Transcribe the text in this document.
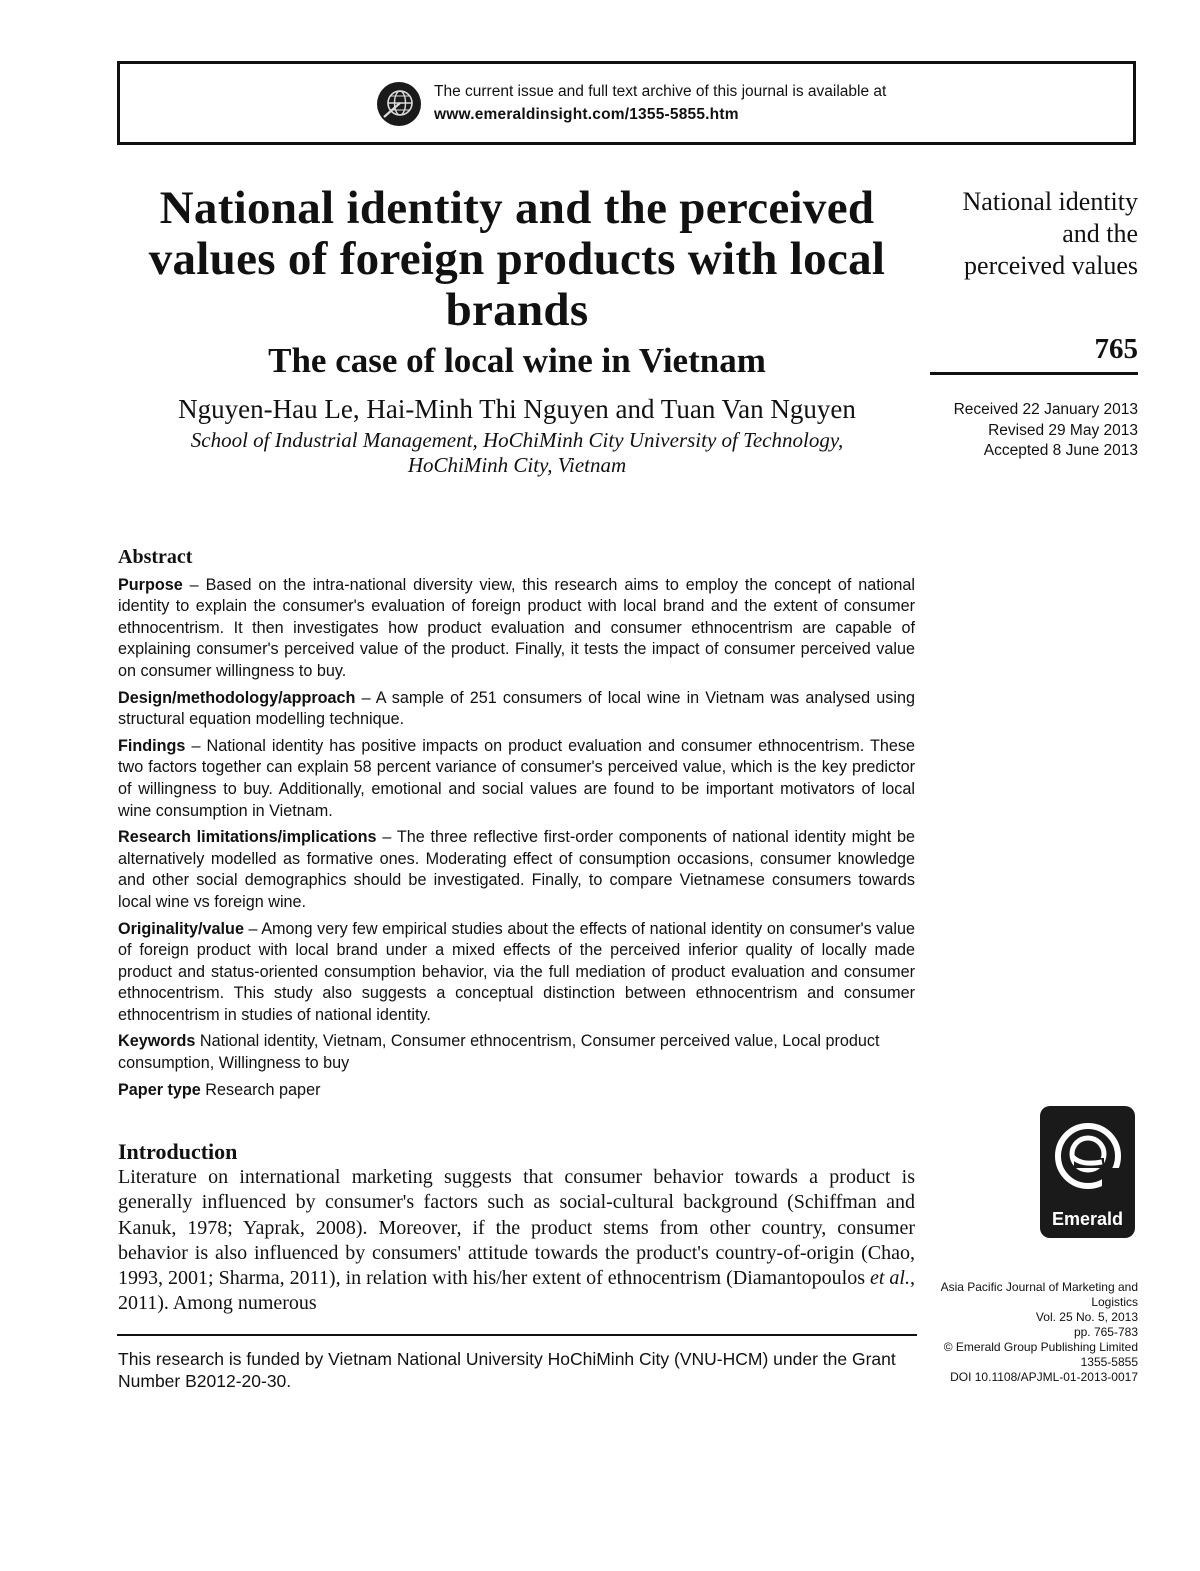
The current issue and full text archive of this journal is available at
www.emeraldinsight.com/1355-5855.htm
National identity and the perceived values of foreign products with local brands
The case of local wine in Vietnam
Nguyen-Hau Le, Hai-Minh Thi Nguyen and Tuan Van Nguyen
School of Industrial Management, HoChiMinh City University of Technology,
HoChiMinh City, Vietnam
National identity
and the
perceived values
765
Received 22 January 2013
Revised 29 May 2013
Accepted 8 June 2013
Abstract

Purpose – Based on the intra-national diversity view, this research aims to employ the concept of national identity to explain the consumer's evaluation of foreign product with local brand and the extent of consumer ethnocentrism. It then investigates how product evaluation and consumer ethnocentrism are capable of explaining consumer's perceived value of the product. Finally, it tests the impact of consumer perceived value on consumer willingness to buy.

Design/methodology/approach – A sample of 251 consumers of local wine in Vietnam was analysed using structural equation modelling technique.

Findings – National identity has positive impacts on product evaluation and consumer ethnocentrism. These two factors together can explain 58 percent variance of consumer's perceived value, which is the key predictor of willingness to buy. Additionally, emotional and social values are found to be important motivators of local wine consumption in Vietnam.

Research limitations/implications – The three reflective first-order components of national identity might be alternatively modelled as formative ones. Moderating effect of consumption occasions, consumer knowledge and other social demographics should be investigated. Finally, to compare Vietnamese consumers towards local wine vs foreign wine.

Originality/value – Among very few empirical studies about the effects of national identity on consumer's value of foreign product with local brand under a mixed effects of the perceived inferior quality of locally made product and status-oriented consumption behavior, via the full mediation of product evaluation and consumer ethnocentrism. This study also suggests a conceptual distinction between ethnocentrism and consumer ethnocentrism in studies of national identity.

Keywords National identity, Vietnam, Consumer ethnocentrism, Consumer perceived value, Local product consumption, Willingness to buy

Paper type Research paper

Introduction

Literature on international marketing suggests that consumer behavior towards a product is generally influenced by consumer's factors such as social-cultural background (Schiffman and Kanuk, 1978; Yaprak, 2008). Moreover, if the product stems from other country, consumer behavior is also influenced by consumers' attitude towards the product's country-of-origin (Chao, 1993, 2001; Sharma, 2011), in relation with his/her extent of ethnocentrism (Diamantopoulos et al., 2011). Among numerous

This research is funded by Vietnam National University HoChiMinh City (VNU-HCM) under the Grant Number B2012-20-30.
Emerald
Asia Pacific Journal of Marketing and Logistics
Vol. 25 No. 5, 2013
pp. 765-783
© Emerald Group Publishing Limited
1355-5855
DOI 10.1108/APJML-01-2013-0017
